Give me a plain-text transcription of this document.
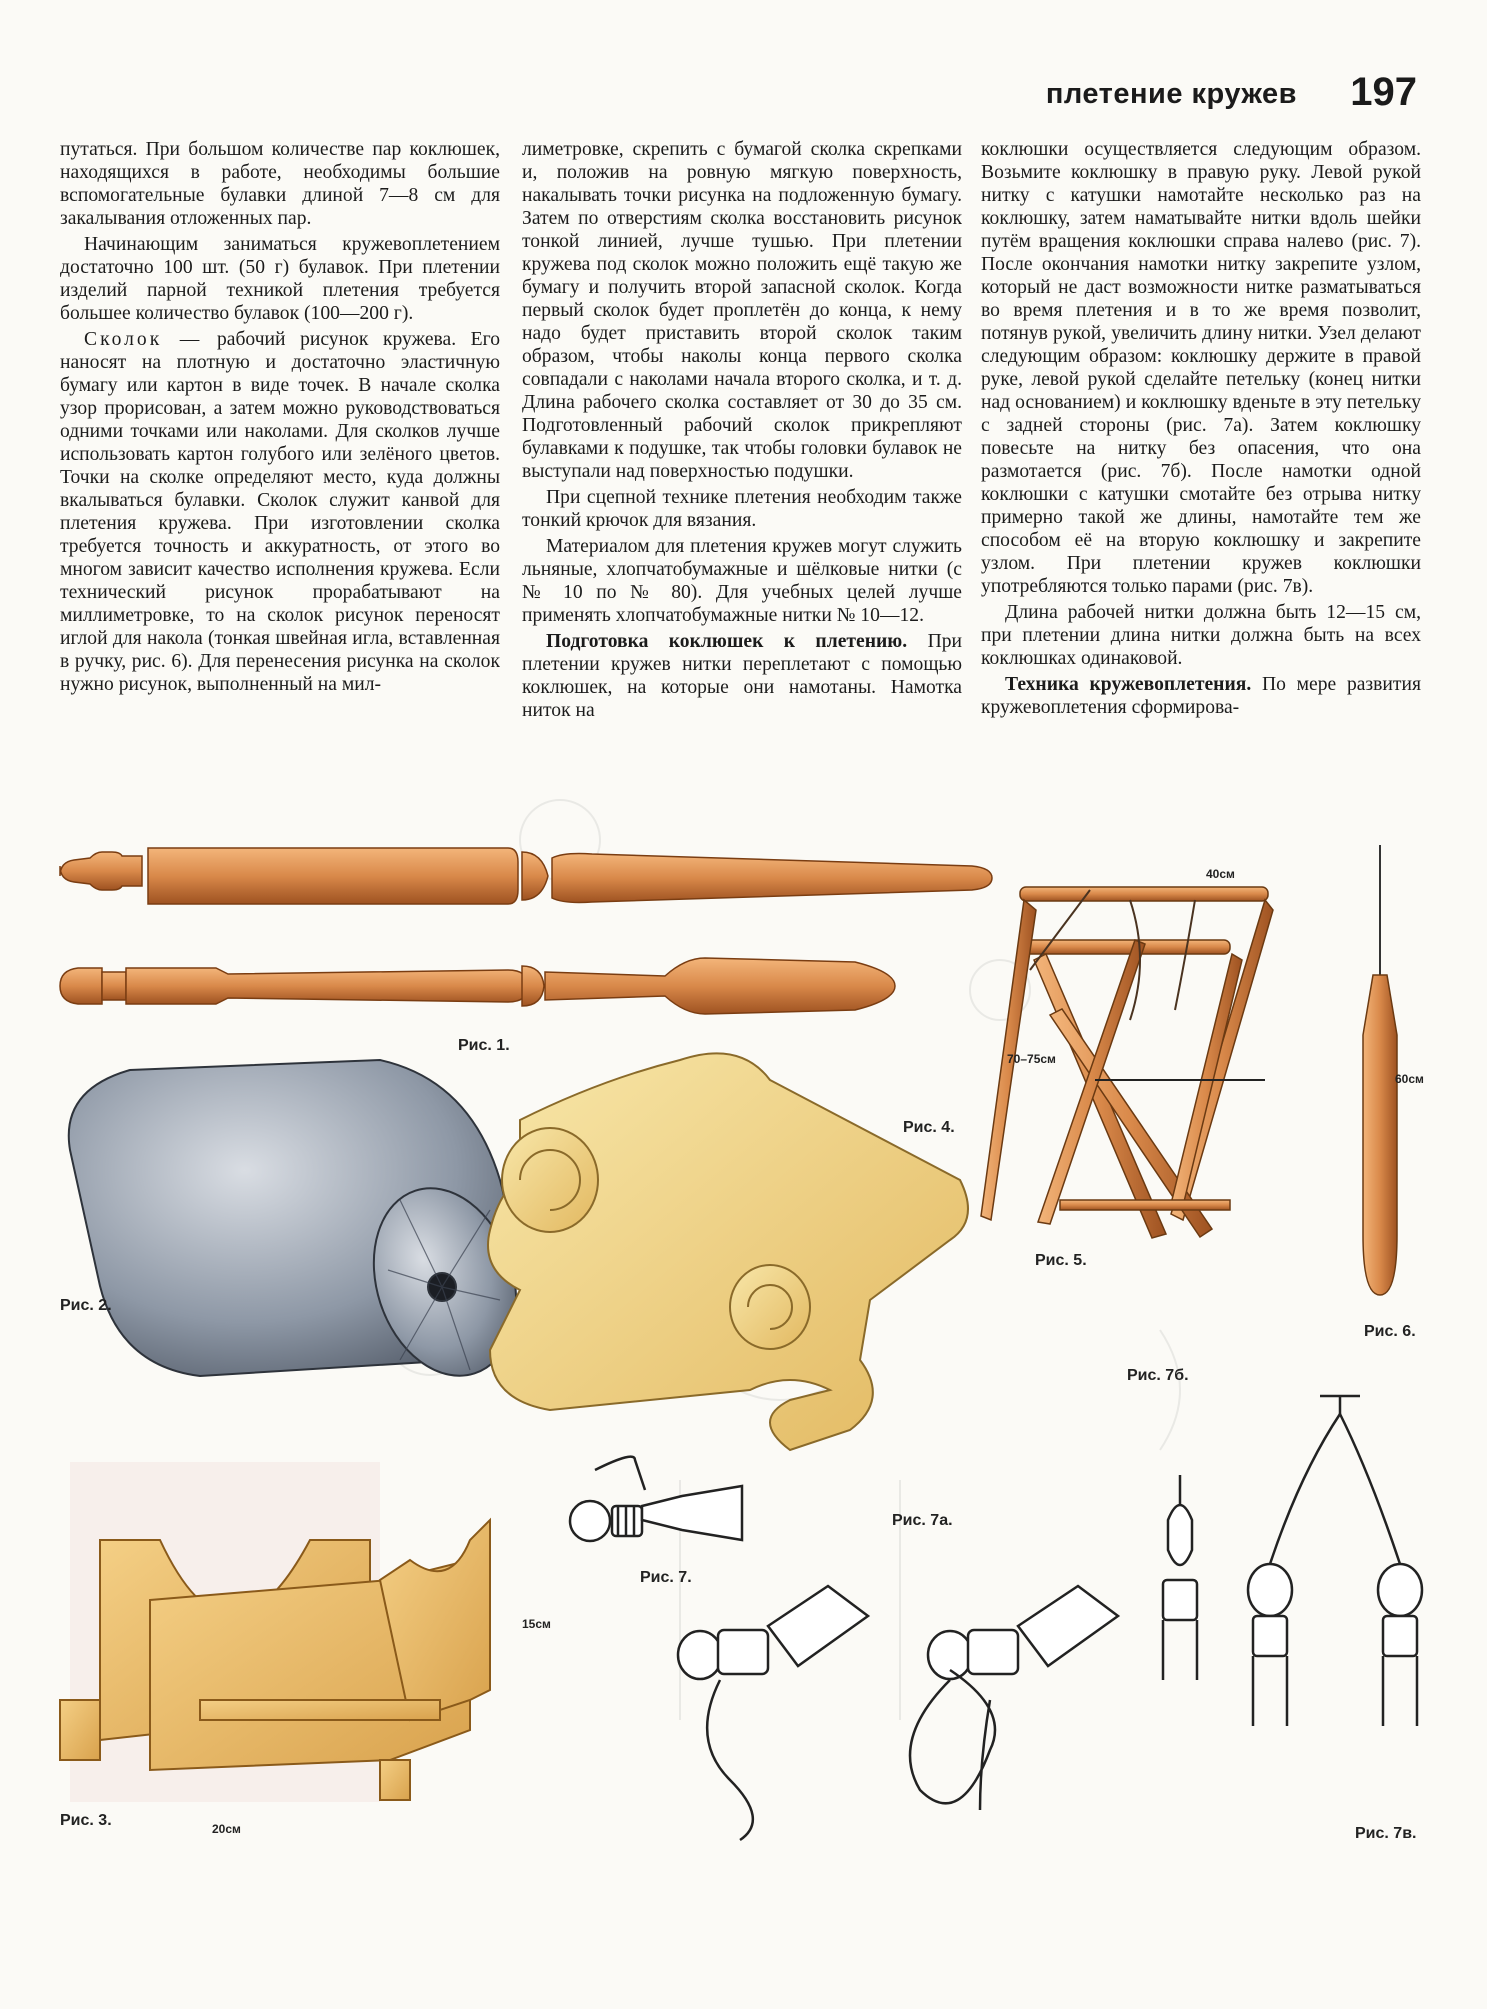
плетение кружев 197

путаться. При большом количестве пар коклюшек, находящихся в работе, необходимы большие вспомогательные булавки длиной 7—8 см для закалывания отложенных пар.

Начинающим заниматься кружевоплетением достаточно 100 шт. (50 г) булавок. При плетении изделий парной техникой плетения требуется большее количество булавок (100—200 г).

Сколок — рабочий рисунок кружева. Его наносят на плотную и достаточно эластичную бумагу или картон в виде точек. В начале сколка узор прорисован, а затем можно руководствоваться одними точками или наколами. Для сколков лучше использовать картон голубого или зелёного цветов. Точки на сколке определяют место, куда должны вкалываться булавки. Сколок служит канвой для плетения кружева. При изготовлении сколка требуется точность и аккуратность, от этого во многом зависит качество исполнения кружева. Если технический рисунок прорабатывают на миллиметровке, то на сколок рисунок переносят иглой для накола (тонкая швейная игла, вставленная в ручку, рис. 6). Для перенесения рисунка на сколок нужно рисунок, выполненный на мил-

лиметровке, скрепить с бумагой сколка скрепками и, положив на ровную мягкую поверхность, накалывать точки рисунка на подложенную бумагу. Затем по отверстиям сколка восстановить рисунок тонкой линией, лучше тушью. При плетении кружева под сколок можно положить ещё такую же бумагу и получить второй запасной сколок. Когда первый сколок будет проплетён до конца, к нему надо будет приставить второй сколок таким образом, чтобы наколы конца первого сколка совпадали с наколами начала второго сколка, и т. д. Длина рабочего сколка составляет от 30 до 35 см. Подготовленный рабочий сколок прикрепляют булавками к подушке, так чтобы головки булавок не выступали над поверхностью подушки.

При сцепной технике плетения необходим также тонкий крючок для вязания.

Материалом для плетения кружев могут служить льняные, хлопчатобумажные и шёлковые нитки (с № 10 по № 80). Для учебных целей лучше применять хлопчатобумажные нитки № 10—12.

Подготовка коклюшек к плетению. При плетении кружев нитки переплетают с помощью коклюшек, на которые они намотаны. Намотка ниток на

коклюшки осуществляется следующим образом. Возьмите коклюшку в правую руку. Левой рукой нитку с катушки намотайте несколько раз на коклюшку, затем наматывайте нитки вдоль шейки путём вращения коклюшки справа налево (рис. 7). После окончания намотки нитку закрепите узлом, который не даст возможности нитке разматываться во время плетения и в то же время позволит, потянув рукой, увеличить длину нитки. Узел делают следующим образом: коклюшку держите в правой руке, левой рукой сделайте петельку (конец нитки над основанием) и коклюшку вденьте в эту петельку с задней стороны (рис. 7а). Затем коклюшку повесьте на нитку без опасения, что она размотается (рис. 7б). После намотки одной коклюшки с катушки смотайте без отрыва нитку примерно такой же длины, намотайте тем же способом её на вторую коклюшку и закрепите узлом. При плетении кружев коклюшки употребляются только парами (рис. 7в).

Длина рабочей нитки должна быть 12—15 см, при плетении длина нитки должна быть на всех коклюшках одинаковой.

Техника кружевоплетения. По мере развития кружевоплетения сформирова-

Рис. 1.
Рис. 2.
Рис. 4.
40см
70–75см
Рис. 5.
60см
Рис. 6.
15см
20см
Рис. 3.
Рис. 7.
Рис. 7а.
Рис. 7б.
Рис. 7в.
